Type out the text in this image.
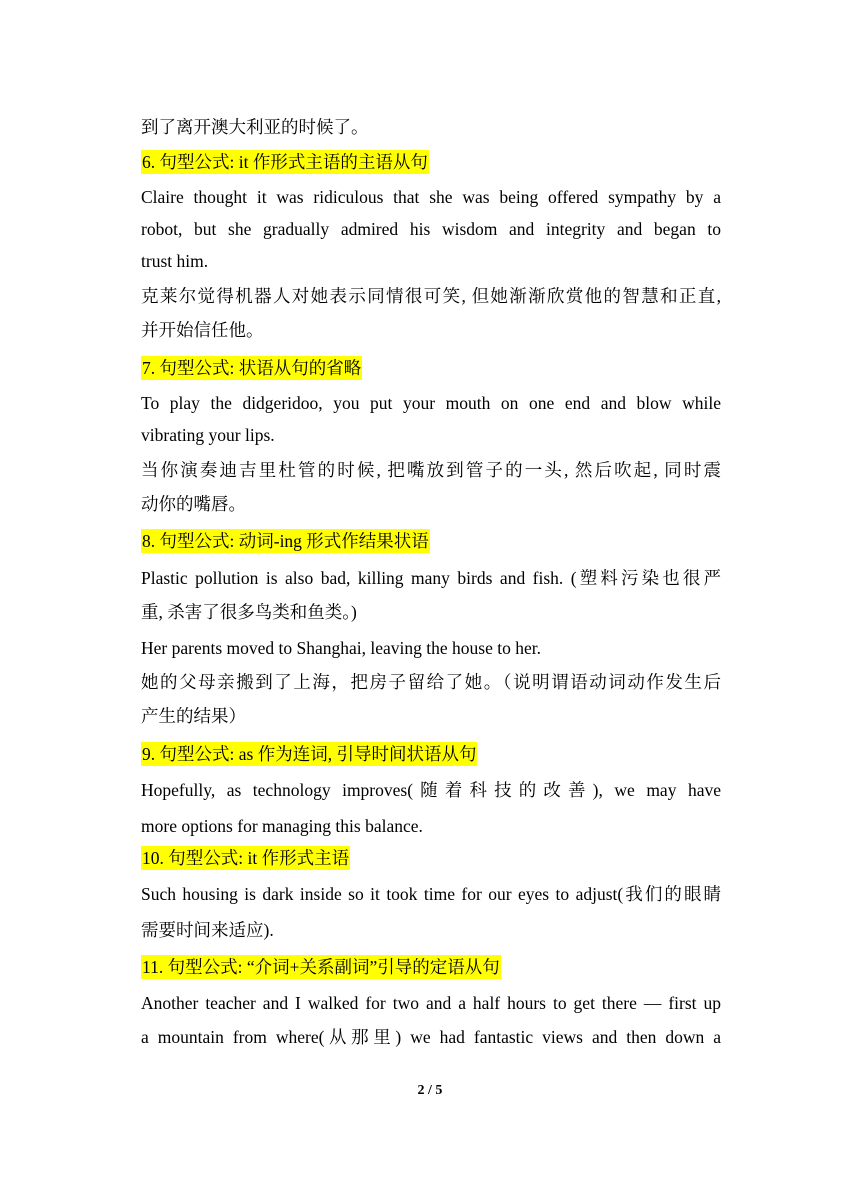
到了离开澳大利亚的时候了。
6. 句型公式: it 作形式主语的主语从句
Claire thought it was ridiculous that she was being offered sympathy by a
robot, but she gradually admired his wisdom and integrity and began to
trust him.
克莱尔觉得机器人对她表示同情很可笑, 但她渐渐欣赏他的智慧和正直,
并开始信任他。
7. 句型公式: 状语从句的省略
To play the didgeridoo, you put your mouth on one end and blow while
vibrating your lips.
当你演奏迪吉里杜管的时候, 把嘴放到管子的一头, 然后吹起, 同时震
动你的嘴唇。
8. 句型公式: 动词-ing 形式作结果状语
Plastic pollution is also bad, killing many birds and fish. (塑料污染也很严
重, 杀害了很多鸟类和鱼类。)
Her parents moved to Shanghai, leaving the house to her.
她的父母亲搬到了上海，把房子留给了她。（说明谓语动词动作发生后
产生的结果）
9. 句型公式: as 作为连词, 引导时间状语从句
Hopefully, as technology improves(随着科技的改善), we may have
more options for managing this balance.
10. 句型公式: it 作形式主语
Such housing is dark inside so it took time for our eyes to adjust(我们的眼睛
需要时间来适应).
11. 句型公式: “介词+关系副词”引导的定语从句
Another teacher and I walked for two and a half hours to get there — first up
a mountain from where(从那里) we had fantastic views and then down a
2 / 5
